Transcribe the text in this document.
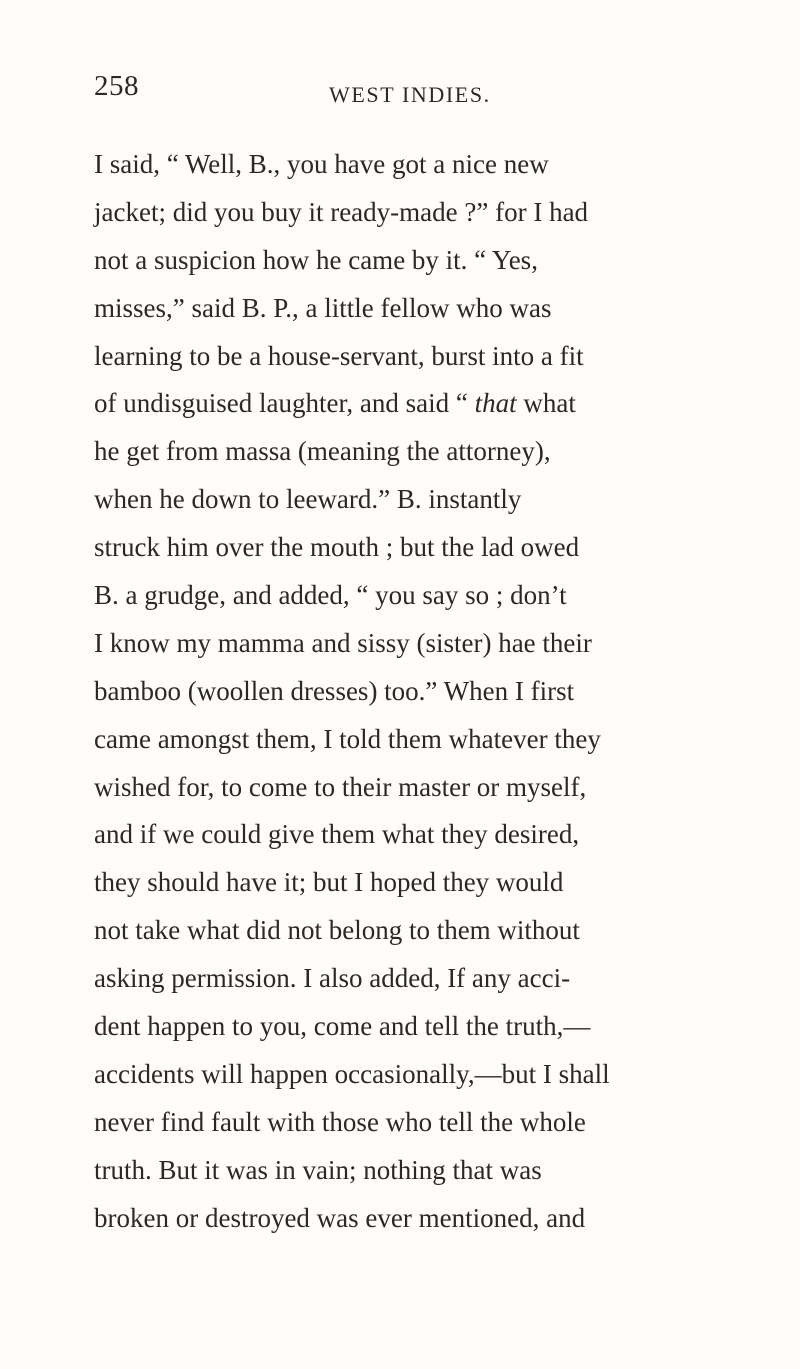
258	WEST INDIES.
I said, “ Well, B., you have got a nice new
jacket; did you buy it ready-made ?” for I had
not a suspicion how he came by it. “ Yes,
misses,” said B. P., a little fellow who was
learning to be a house-servant, burst into a fit
of undisguised laughter, and said “ that what
he get from massa (meaning the attorney),
when he down to leeward.” B. instantly
struck him over the mouth ; but the lad owed
B. a grudge, and added, “ you say so ; don’t
I know my mamma and sissy (sister) hae their
bamboo (woollen dresses) too.” When I first
came amongst them, I told them whatever they
wished for, to come to their master or myself,
and if we could give them what they desired,
they should have it; but I hoped they would
not take what did not belong to them without
asking permission. I also added, If any acci-
dent happen to you, come and tell the truth,—
accidents will happen occasionally,—but I shall
never find fault with those who tell the whole
truth. But it was in vain; nothing that was
broken or destroyed was ever mentioned, and
